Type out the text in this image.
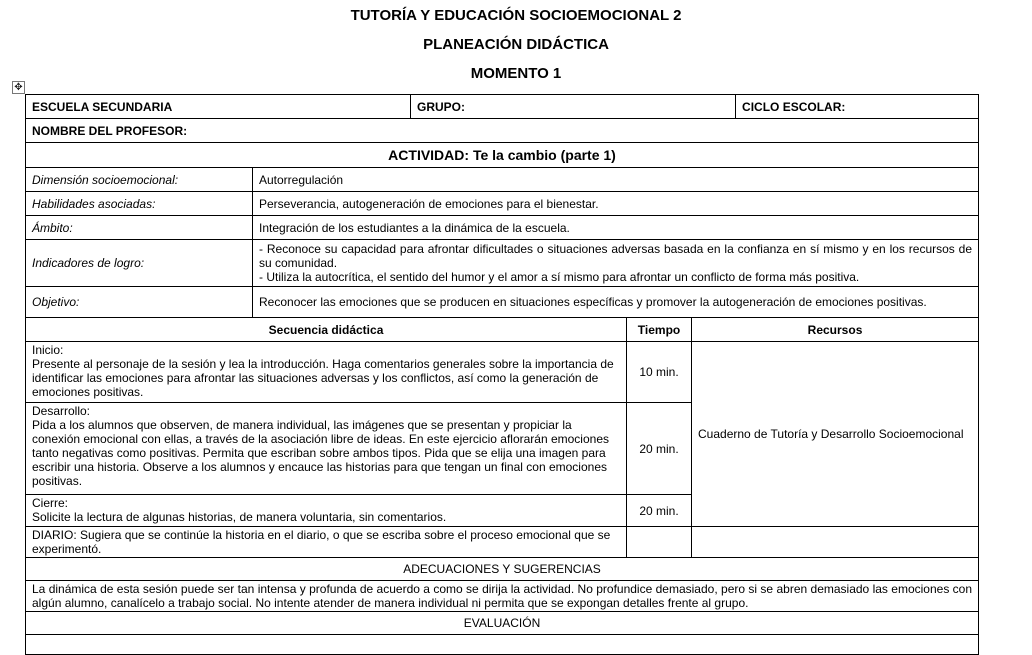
TUTORÍA Y EDUCACIÓN SOCIOEMOCIONAL 2
PLANEACIÓN DIDÁCTICA
MOMENTO 1
✥
ESCUELA SECUNDARIA		GRUPO:			CICLO ESCOLAR:
NOMBRE DEL PROFESOR:					
ACTIVIDAD: Te la cambio (parte 1)					
Dimensión socioemocional:	Autorregulación				
Habilidades asociadas:	Perseverancia, autogeneración de emociones para el bienestar.				
Ámbito:	Integración de los estudiantes a la dinámica de la escuela.				
Indicadores de logro:	- Reconoce su capacidad para afrontar dificultades o situaciones adversas basada en la confianza en sí mismo y en los recursos de su comunidad.
- Utiliza la autocrítica, el sentido del humor y el amor a sí mismo para afrontar un conflicto de forma más positiva.				

Objetivo:	Reconocer las emociones que se producen en situaciones específicas y promover la autogeneración de emociones positivas.				
Secuencia didáctica			Tiempo	Recursos	

Inicio:
Presente al personaje de la sesión y lea la introducción. Haga comentarios generales sobre la importancia de identificar las emociones para afrontar las situaciones adversas y los conflictos, así como la generación de emociones positivas.			10 min.	Cuaderno de Tutoría y Desarrollo Socioemocional	

Desarrollo:
Pida a los alumnos que observen, de manera individual, las imágenes que se presentan y propiciar la conexión emocional con ellas, a través de la asociación libre de ideas. En este ejercicio aflorarán emociones tanto negativas como positivas. Permita que escriban sobre ambos tipos. Pida que se elija una imagen para escribir una historia. Observe a los alumnos y encauce las historias para que tengan un final con emociones positivas.			20 min.		

Cierre:
Solicite la lectura de algunas historias, de manera voluntaria, sin comentarios.			20 min.		
DIARIO: Sugiera que se continúe la historia en el diario, o que se escriba sobre el proceso emocional que se experimentó.					
ADECUACIONES Y SUGERENCIAS					
La dinámica de esta sesión puede ser tan intensa y profunda de acuerdo a como se dirija la actividad. No profundice demasiado, pero si se abren demasiado las emociones con algún alumno, canalícelo a trabajo social. No intente atender de manera individual ni permita que se expongan detalles frente al grupo.					
EVALUACIÓN					
